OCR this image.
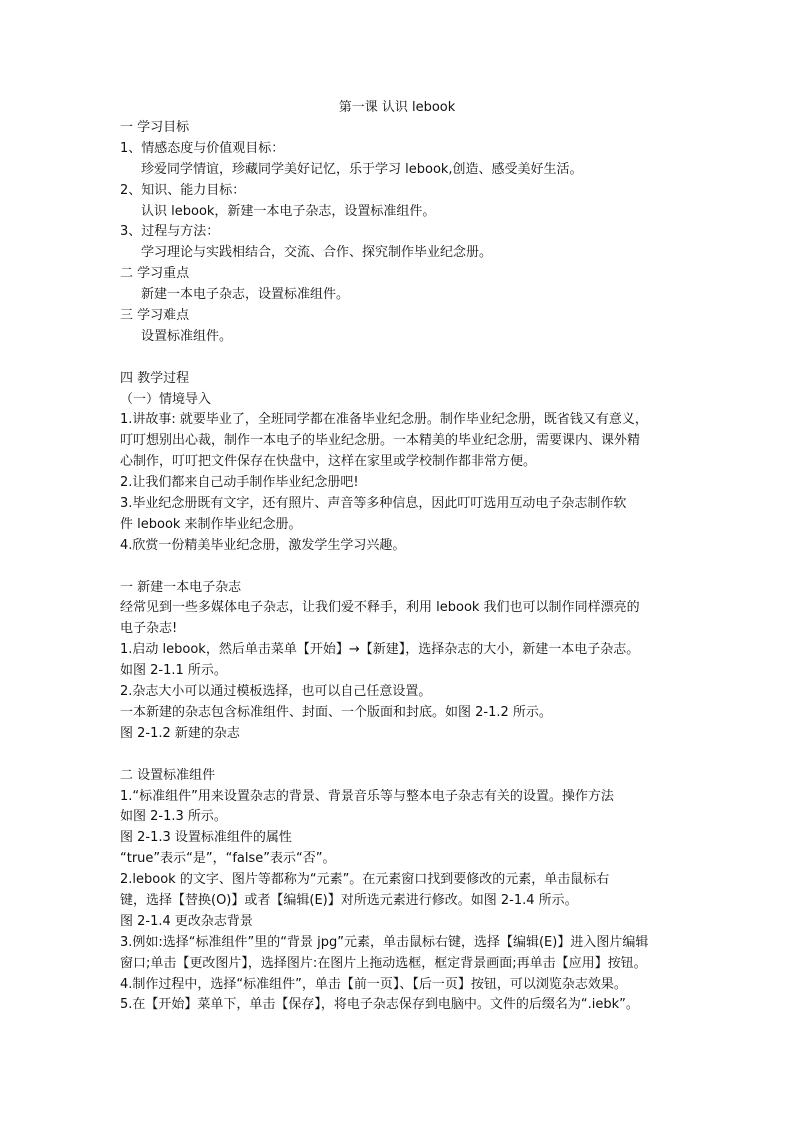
第一课 认识 lebook
一 学习目标
1、情感态度与价值观目标：
珍爱同学情谊，珍藏同学美好记忆，乐于学习 lebook,创造、感受美好生活。
2、知识、能力目标：
认识 lebook，新建一本电子杂志，设置标准组件。
3、过程与方法：
学习理论与实践相结合，交流、合作、探究制作毕业纪念册。
二 学习重点
新建一本电子杂志，设置标准组件。
三 学习难点
设置标准组件。
四 教学过程
（一）情境导入
1.讲故事: 就要毕业了，全班同学都在准备毕业纪念册。制作毕业纪念册，既省钱又有意义，
叮叮想别出心裁，制作一本电子的毕业纪念册。一本精美的毕业纪念册，需要课内、课外精
心制作，叮叮把文件保存在快盘中，这样在家里或学校制作都非常方便。
2.让我们都来自己动手制作毕业纪念册吧!
3.毕业纪念册既有文字，还有照片、声音等多种信息，因此叮叮选用互动电子杂志制作软
件 lebook 来制作毕业纪念册。
4.欣赏一份精美毕业纪念册，激发学生学习兴趣。
一 新建一本电子杂志
经常见到一些多媒体电子杂志，让我们爱不释手，利用 lebook 我们也可以制作同样漂亮的
电子杂志!
1.启动 lebook，然后单击菜单【开始】→【新建】，选择杂志的大小，新建一本电子杂志。
如图 2-1.1 所示。
2.杂志大小可以通过模板选择，也可以自己任意设置。
一本新建的杂志包含标准组件、封面、一个版面和封底。如图 2-1.2 所示。
图 2-1.2 新建的杂志
二 设置标准组件
1.“标准组件”用来设置杂志的背景、背景音乐等与整本电子杂志有关的设置。操作方法
如图 2-1.3 所示。
图 2-1.3 设置标准组件的属性
“true”表示“是”，“false”表示“否”。
2.lebook 的文字、图片等都称为“元素”。在元素窗口找到要修改的元素，单击鼠标右
键，选择【替换(O)】或者【编辑(E)】对所选元素进行修改。如图 2-1.4 所示。
图 2-1.4 更改杂志背景
3.例如:选择“标准组件”里的“背景 jpg”元素，单击鼠标右键，选择【编辑(E)】进入图片编辑
窗口;单击【更改图片】，选择图片:在图片上拖动选框，框定背景画面;再单击【应用】按钮。
4.制作过程中，选择“标准组件”，单击【前一页】、【后一页】按钮，可以浏览杂志效果。
5.在【开始】菜单下，单击【保存】，将电子杂志保存到电脑中。文件的后缀名为“.iebk”。
